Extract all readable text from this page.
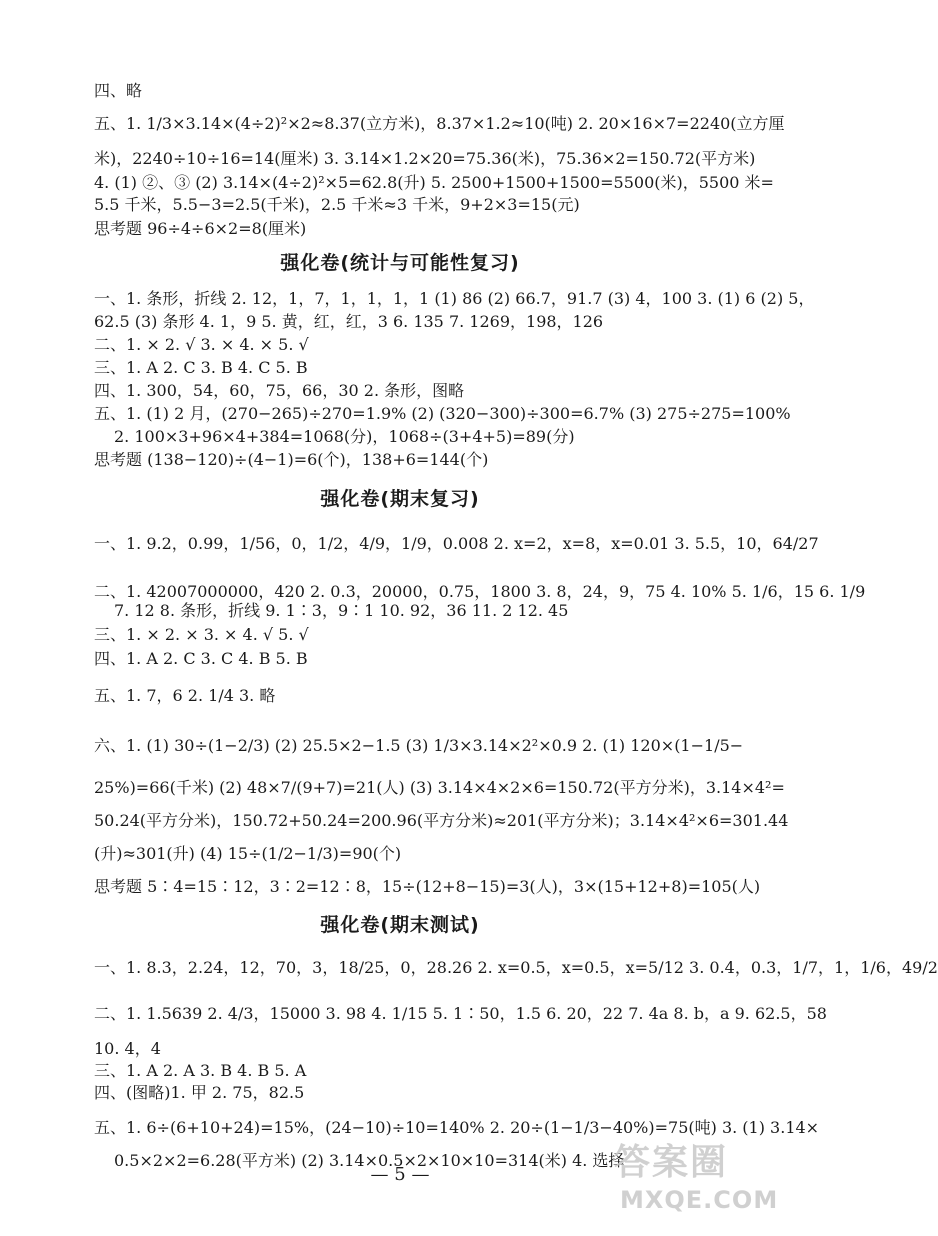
四、略
五、1. 1/3×3.14×(4÷2)²×2≈8.37(立方米)，8.37×1.2≈10(吨) 2. 20×16×7=2240(立方厘
米)，2240÷10÷16=14(厘米) 3. 3.14×1.2×20=75.36(米)，75.36×2=150.72(平方米)
4. (1) ②、③ (2) 3.14×(4÷2)²×5=62.8(升) 5. 2500+1500+1500=5500(米)，5500 米=
5.5 千米，5.5−3=2.5(千米)，2.5 千米≈3 千米，9+2×3=15(元)
思考题 96÷4÷6×2=8(厘米)
强化卷(统计与可能性复习)
一、1. 条形，折线 2. 12，1，7，1，1，1，1 (1) 86 (2) 66.7，91.7 (3) 4，100 3. (1) 6 (2) 5，
62.5 (3) 条形 4. 1，9 5. 黄，红，红，3 6. 135 7. 1269，198，126
二、1. × 2. √ 3. × 4. × 5. √
三、1. A 2. C 3. B 4. C 5. B
四、1. 300，54，60，75，66，30 2. 条形，图略
五、1. (1) 2 月，(270−265)÷270=1.9% (2) (320−300)÷300=6.7% (3) 275÷275=100%
2. 100×3+96×4+384=1068(分)，1068÷(3+4+5)=89(分)
思考题 (138−120)÷(4−1)=6(个)，138+6=144(个)
强化卷(期末复习)
一、1. 9.2，0.99，1/56，0，1/2，4/9，1/9，0.008 2. x=2，x=8，x=0.01 3. 5.5，10，64/27
二、1. 42007000000，420 2. 0.3，20000，0.75，1800 3. 8，24，9，75 4. 10% 5. 1/6，15 6. 1/9
7. 12 8. 条形，折线 9. 1∶3，9∶1 10. 92，36 11. 2 12. 45
三、1. × 2. × 3. × 4. √ 5. √
四、1. A 2. C 3. C 4. B 5. B
五、1. 7，6 2. 1/4 3. 略
六、1. (1) 30÷(1−2/3) (2) 25.5×2−1.5 (3) 1/3×3.14×2²×0.9 2. (1) 120×(1−1/5−
25%)=66(千米) (2) 48×7/(9+7)=21(人) (3) 3.14×4×2×6=150.72(平方分米)，3.14×4²=
50.24(平方分米)，150.72+50.24=200.96(平方分米)≈201(平方分米)；3.14×4²×6=301.44
(升)≈301(升) (4) 15÷(1/2−1/3)=90(个)
思考题 5∶4=15∶12，3∶2=12∶8，15÷(12+8−15)=3(人)，3×(15+12+8)=105(人)
强化卷(期末测试)
一、1. 8.3，2.24，12，70，3，18/25，0，28.26 2. x=0.5，x=0.5，x=5/12 3. 0.4，0.3，1/7，1，1/6，49/2
二、1. 1.5639 2. 4/3，15000 3. 98 4. 1/15 5. 1∶50，1.5 6. 20，22 7. 4a 8. b，a 9. 62.5，58
10. 4，4
三、1. A 2. A 3. B 4. B 5. A
四、(图略)1. 甲 2. 75，82.5
五、1. 6÷(6+10+24)=15%，(24−10)÷10=140% 2. 20÷(1−1/3−40%)=75(吨) 3. (1) 3.14×
0.5×2×2=6.28(平方米) (2) 3.14×0.5×2×10×10=314(米) 4. 选择
— 5 —	答案圈
MXQE.COM
